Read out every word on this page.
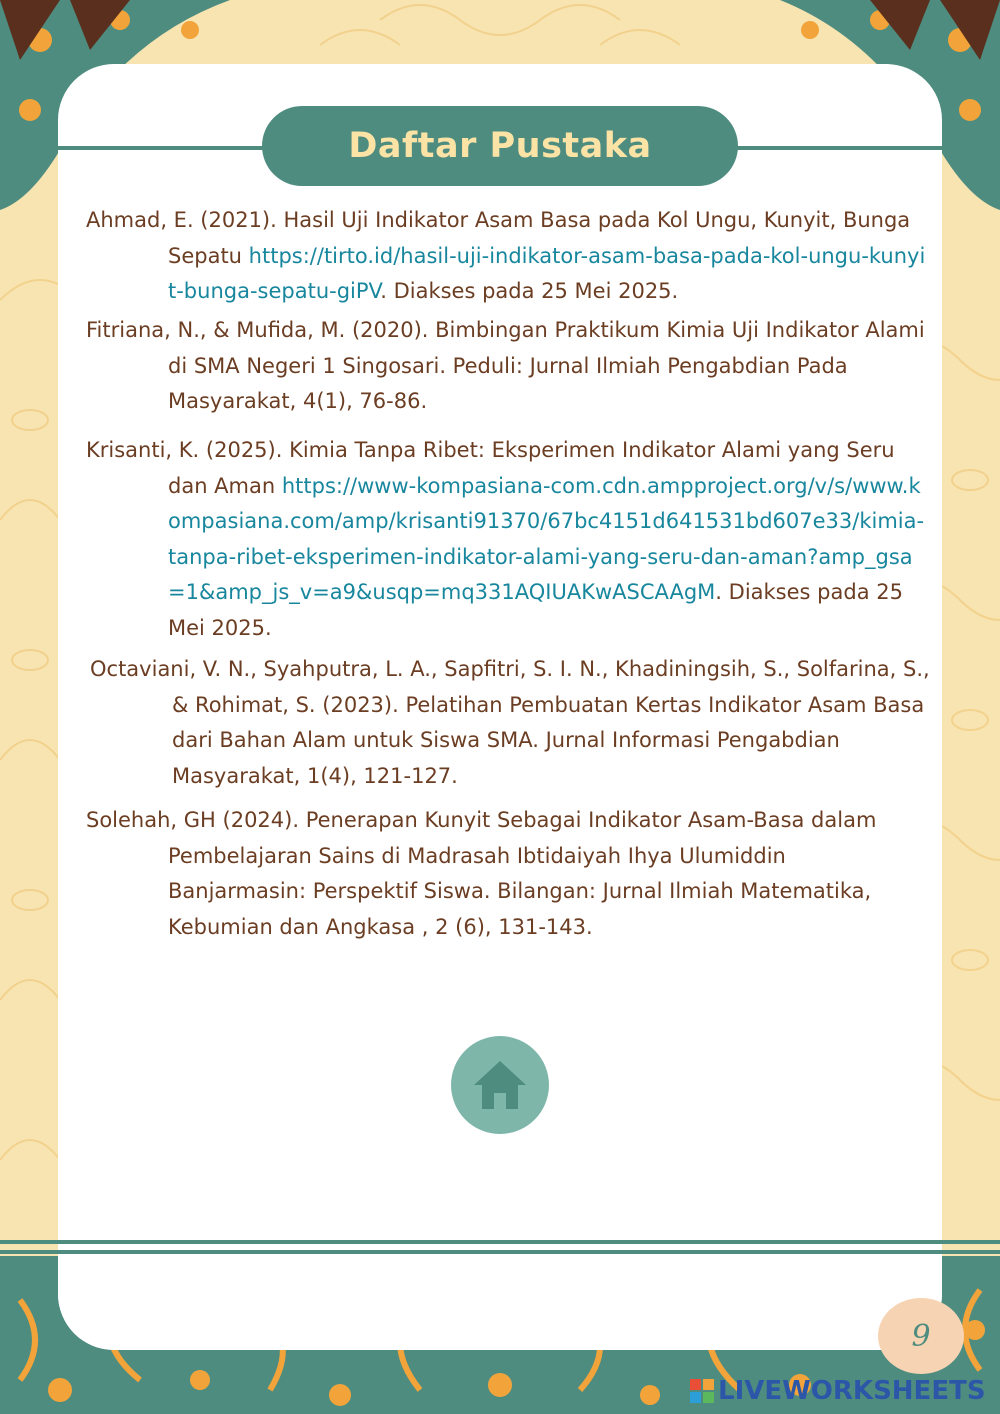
Daftar Pustaka
Ahmad, E. (2021). Hasil Uji Indikator Asam Basa pada Kol Ungu, Kunyit, Bunga Sepatu https://tirto.id/hasil-uji-indikator-asam-basa-pada-kol-ungu-kunyit-bunga-sepatu-giPV. Diakses pada 25 Mei 2025.
Fitriana, N., & Mufida, M. (2020). Bimbingan Praktikum Kimia Uji Indikator Alami di SMA Negeri 1 Singosari. Peduli: Jurnal Ilmiah Pengabdian Pada Masyarakat, 4(1), 76-86.
Krisanti, K. (2025). Kimia Tanpa Ribet: Eksperimen Indikator Alami yang Seru dan Aman https://www-kompasiana-com.cdn.ampproject.org/v/s/www.kompasiana.com/amp/krisanti91370/67bc4151d641531bd607e33/kimia-tanpa-ribet-eksperimen-indikator-alami-yang-seru-dan-aman?amp_gsa=1&amp_js_v=a9&usqp=mq331AQIUAKwASCAAgM. Diakses pada 25 Mei 2025.
Octaviani, V. N., Syahputra, L. A., Sapfitri, S. I. N., Khadiningsih, S., Solfarina, S., & Rohimat, S. (2023). Pelatihan Pembuatan Kertas Indikator Asam Basa dari Bahan Alam untuk Siswa SMA. Jurnal Informasi Pengabdian Masyarakat, 1(4), 121-127.
Solehah, GH (2024). Penerapan Kunyit Sebagai Indikator Asam-Basa dalam Pembelajaran Sains di Madrasah Ibtidaiyah Ihya Ulumiddin Banjarmasin: Perspektif Siswa. Bilangan: Jurnal Ilmiah Matematika, Kebumian dan Angkasa , 2 (6), 131-143.
9
LIVEWORKSHEETS
